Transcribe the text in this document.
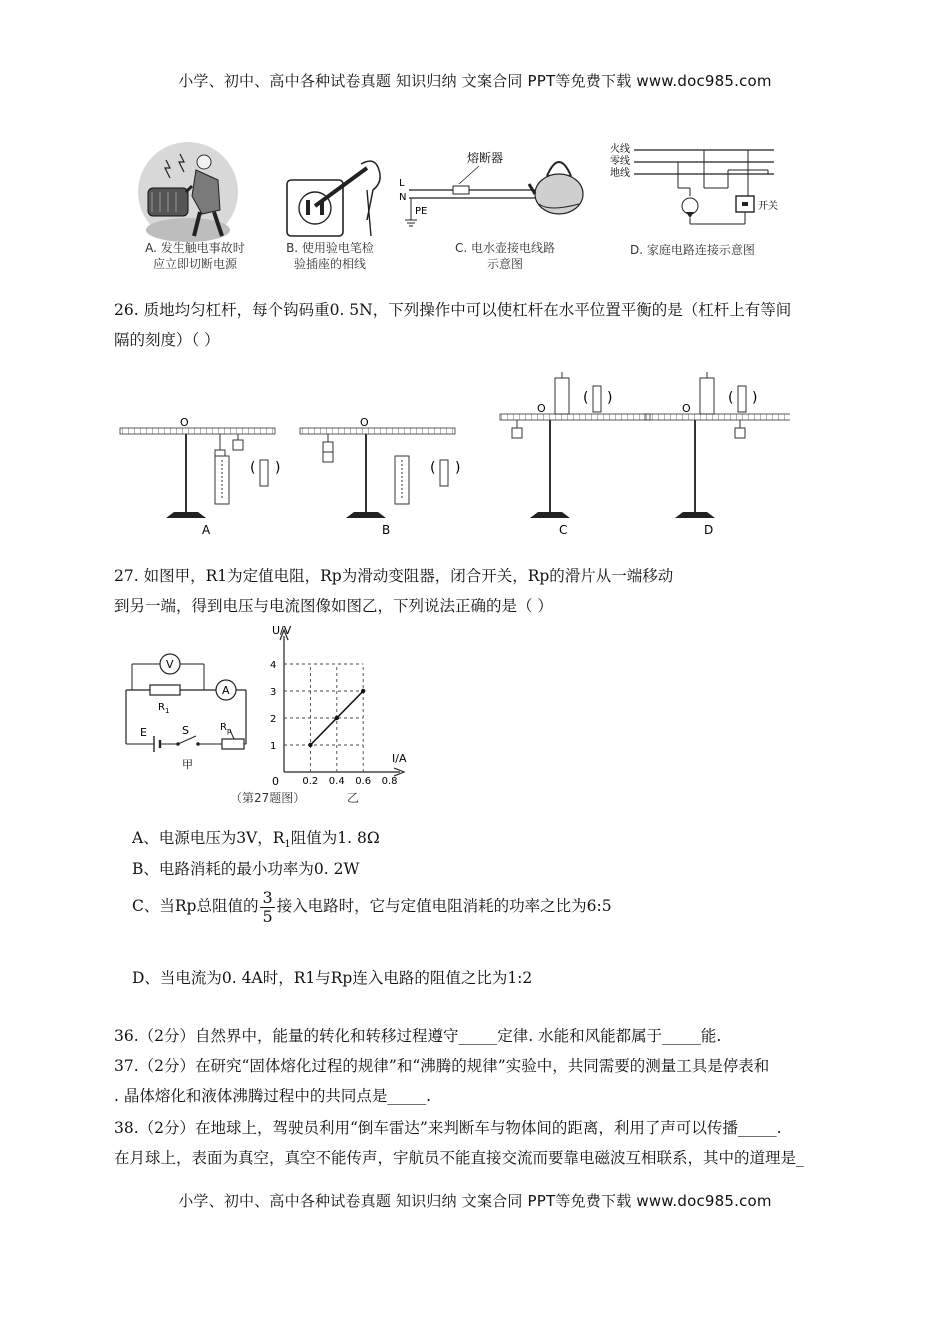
小学、初中、高中各种试卷真题 知识归纳 文案合同 PPT等免费下载 www.doc985.com
A. 发生触电事故时
应立即切断电源
B. 使用验电笔检
验插座的相线
熔断器
L
N
PE
C. 电水壶接电线路
示意图
火线
零线
地线
开关
D. 家庭电路连接示意图
26. 质地均匀杠杆，每个钩码重0. 5N，下列操作中可以使杠杆在水平位置平衡的是（杠杆上有等间
隔的刻度）（ ）
O
( )
A
O
( )
B
O
( )
C
O
( )
D
27. 如图甲，R1为定值电阻，Rp为滑动变阻器，闭合开关，Rp的滑片从一端移动
到另一端，得到电压与电流图像如图乙，下列说法正确的是（ ）
A
V
$R_1$
E	S	$R_p$
甲
U/V
I/A
0 0.2 0.4 0.6 0.8
1
2
3
4
（第27题图）	乙
A、电源电压为3V，$R_1$阻值为1. 8Ω
B、电路消耗的最小功率为0. 2W
C、当Rp总阻值的 $\frac{3}{5}$ 接入电路时，它与定值电阻消耗的功率之比为6:5
D、当电流为0. 4A时，R1与Rp连入电路的阻值之比为1:2
36.（2分）自然界中，能量的转化和转移过程遵守_____定律. 水能和风能都属于_____能.
37.（2分）在研究“固体熔化过程的规律”和“沸腾的规律”实验中，共同需要的测量工具是停表和
. 晶体熔化和液体沸腾过程中的共同点是_____.
38.（2分）在地球上，驾驶员利用“倒车雷达”来判断车与物体间的距离，利用了声可以传播_____.
在月球上，表面为真空，真空不能传声，宇航员不能直接交流而要靠电磁波互相联系，其中的道理是_
小学、初中、高中各种试卷真题 知识归纳 文案合同 PPT等免费下载 www.doc985.com
